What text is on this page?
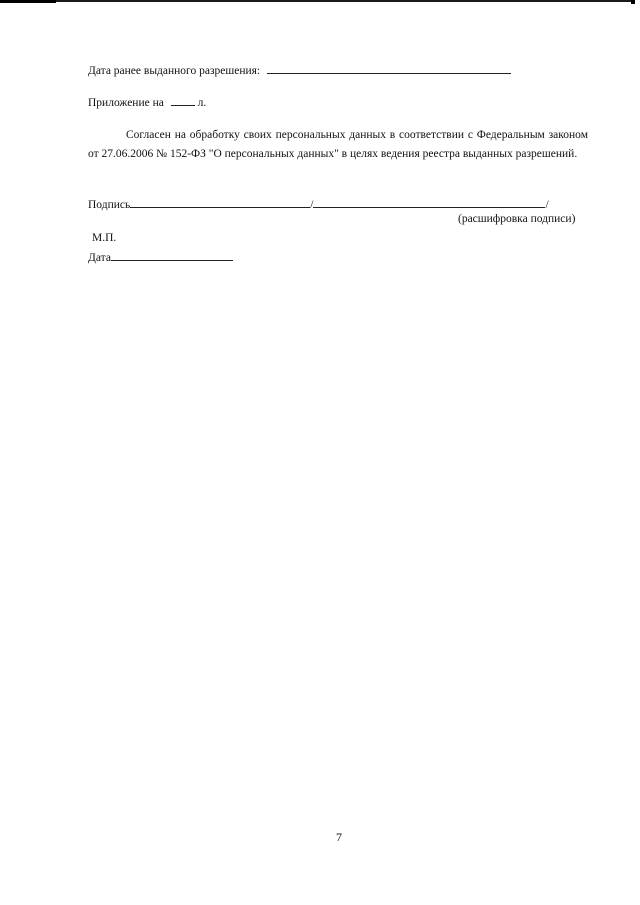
Дата ранее выданного разрешения:
Приложение на	л.
Согласен на обработку своих персональных данных в соответствии с Федеральным законом от 27.06.2006 № 152-ФЗ "О персональных данных" в целях ведения реестра выданных разрешений.
Подпись	/	/
(расшифровка подписи)
М.П.
Дата
7
